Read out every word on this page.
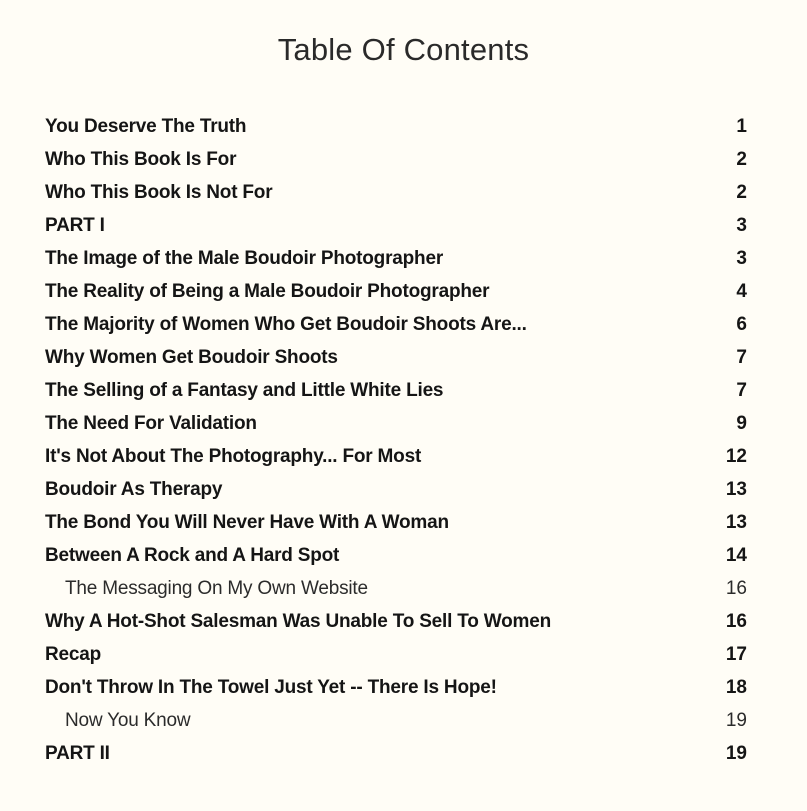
Table Of Contents
You Deserve The Truth	1
Who This Book Is For	2
Who This Book Is Not For	2
PART I	3
The Image of the Male Boudoir Photographer	3
The Reality of Being a Male Boudoir Photographer	4
The Majority of Women Who Get Boudoir Shoots Are...	6
Why Women Get Boudoir Shoots	7
The Selling of a Fantasy and Little White Lies	7
The Need For Validation	9
It's Not About The Photography... For Most	12
Boudoir As Therapy	13
The Bond You Will Never Have With A Woman	13
Between A Rock and A Hard Spot	14
The Messaging On My Own Website	16
Why A Hot-Shot Salesman Was Unable To Sell To Women	16
Recap	17
Don't Throw In The Towel Just Yet -- There Is Hope!	18
Now You Know	19
PART II	19
